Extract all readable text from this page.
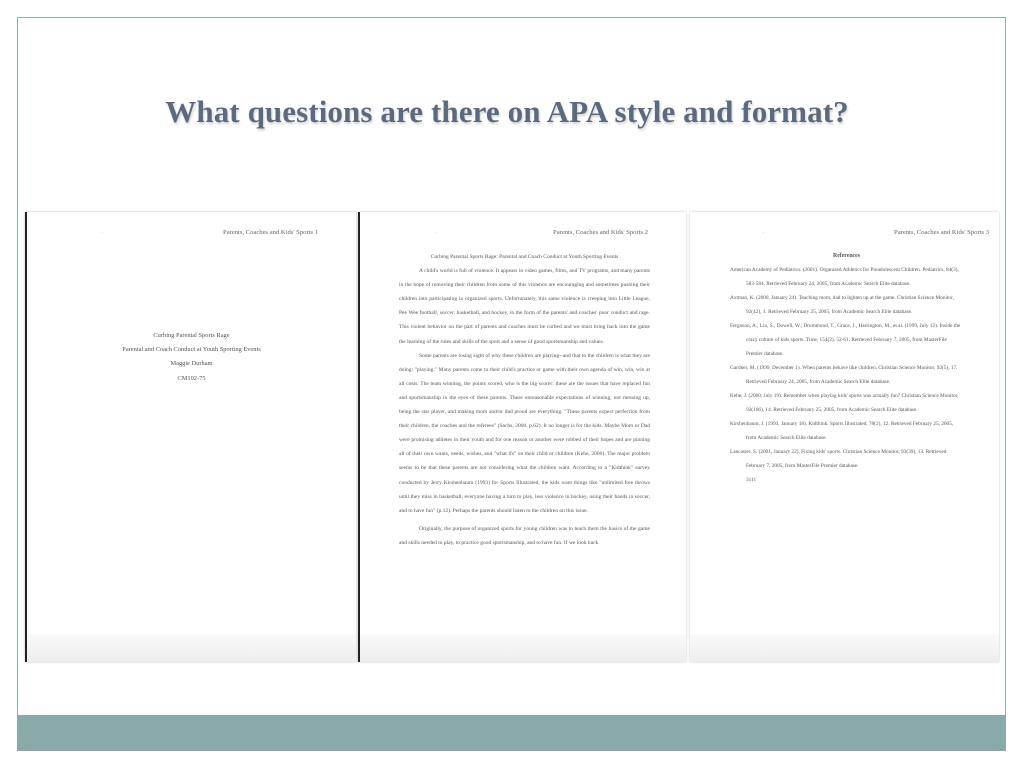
What questions are there on APA style and format?
·	Parents, Coaches and Kids' Sports 1
Curbing Parental Sports Rage
Parental and Coach Conduct at Youth Sporting Events
Maggie Durham
CM102-75
·	Parents, Coaches and Kids' Sports 2

Curbing Parental Sports Rage: Parental and Coach Conduct at Youth Sporting Events

A child's world is full of violence. It appears in video games, films, and TV programs, and many parents in the hope of removing their children from some of this violence are encouraging and sometimes pushing their children into participating in organized sports. Unfortunately, this same violence is creeping into Little League, Pee Wee football, soccer, basketball, and hockey, in the form of the parents' and coaches' poor conduct and rage. This violent behavior on the part of parents and coaches must be curbed and we must bring back into the game the learning of the rules and skills of the sport and a sense of good sportsmanship and values.

Some parents are losing sight of why these children are playing--and that to the children is what they are doing: "playing." Many parents come to their child's practice or game with their own agenda of win, win, win at all costs. The team winning, the points scored, who is the big scorer: these are the issues that have replaced fun and sportsmanship in the eyes of these parents. These unreasonable expectations of winning, not messing up, being the star player, and making mom and/or dad proud are everything. "These parents expect perfection from their children, the coaches and the referees" (Sachs, 2000, p.62). It no longer is for the kids. Maybe Mom or Dad were promising athletes in their youth and for one reason or another were robbed of their hopes and are pinning all of their own wants, needs, wishes, and "what ifs" on their child or children (Kehe, 2000). The major problem seems to be that these parents are not considering what the children want. According to a "Kidthink" survey conducted by Jerry Kirshenbaum (1993) for Sports Illustrated, the kids want things like "unlimited free throws until they miss in basketball, everyone having a turn to play, less violence in hockey, using their hands in soccer, and to have fun" (p.12). Perhaps the parents should listen to the children on this issue.

Originally, the purpose of organized sports for young children was to teach them the basics of the game and skills needed to play, to practice good sportsmanship, and to have fun. If we look back

·	Parents, Coaches and Kids' Sports 3
References
American Academy of Pediatrics. (2001). Organized Athletics for Preadolescent Children. Pediatrics, 84(3), 583-584. Retrieved February 24, 2005, from Academic Search Elite database.
Axtman, K. (2000, January 24). Teaching mom, dad to lighten up at the game. Christian Science Monitor, 92(42), 1. Retrieved February 25, 2005, from Academic Search Elite database.
Ferguson, A., Liu, S., Dowell, W., Drummond, T., Grace, J., Harrington, M., et.al. (1999, July 12). Inside the crazy culture of kids sports. Time, 154(2), 52-61. Retrieved February 7, 2005, from MasterFile Premier database.
Gardner, M. (1999, December 1). When parents behave like children. Christian Science Monitor, 92(5), 17. Retrieved February 24, 2005, from Academic Search Elite database.
Kehe, J. (2000, July 19). Remember when playing kids' sports was actually fun? Christian Science Monitor, 92(166), 14. Retrieved February 25, 2005, from Academic Search Elite database.
Kirshenbaum, J. (1993, January 18). Kidthink. Sports Illustrated, 78(2), 12. Retrieved February 25, 2005, from Academic Search Elite database.
Lancaster, S. (2001, January 22). Fixing kids' sports. Christian Science Monitor, 93(39), 13. Retrieved February 7, 2005, from MasterFile Premier database.
3111
